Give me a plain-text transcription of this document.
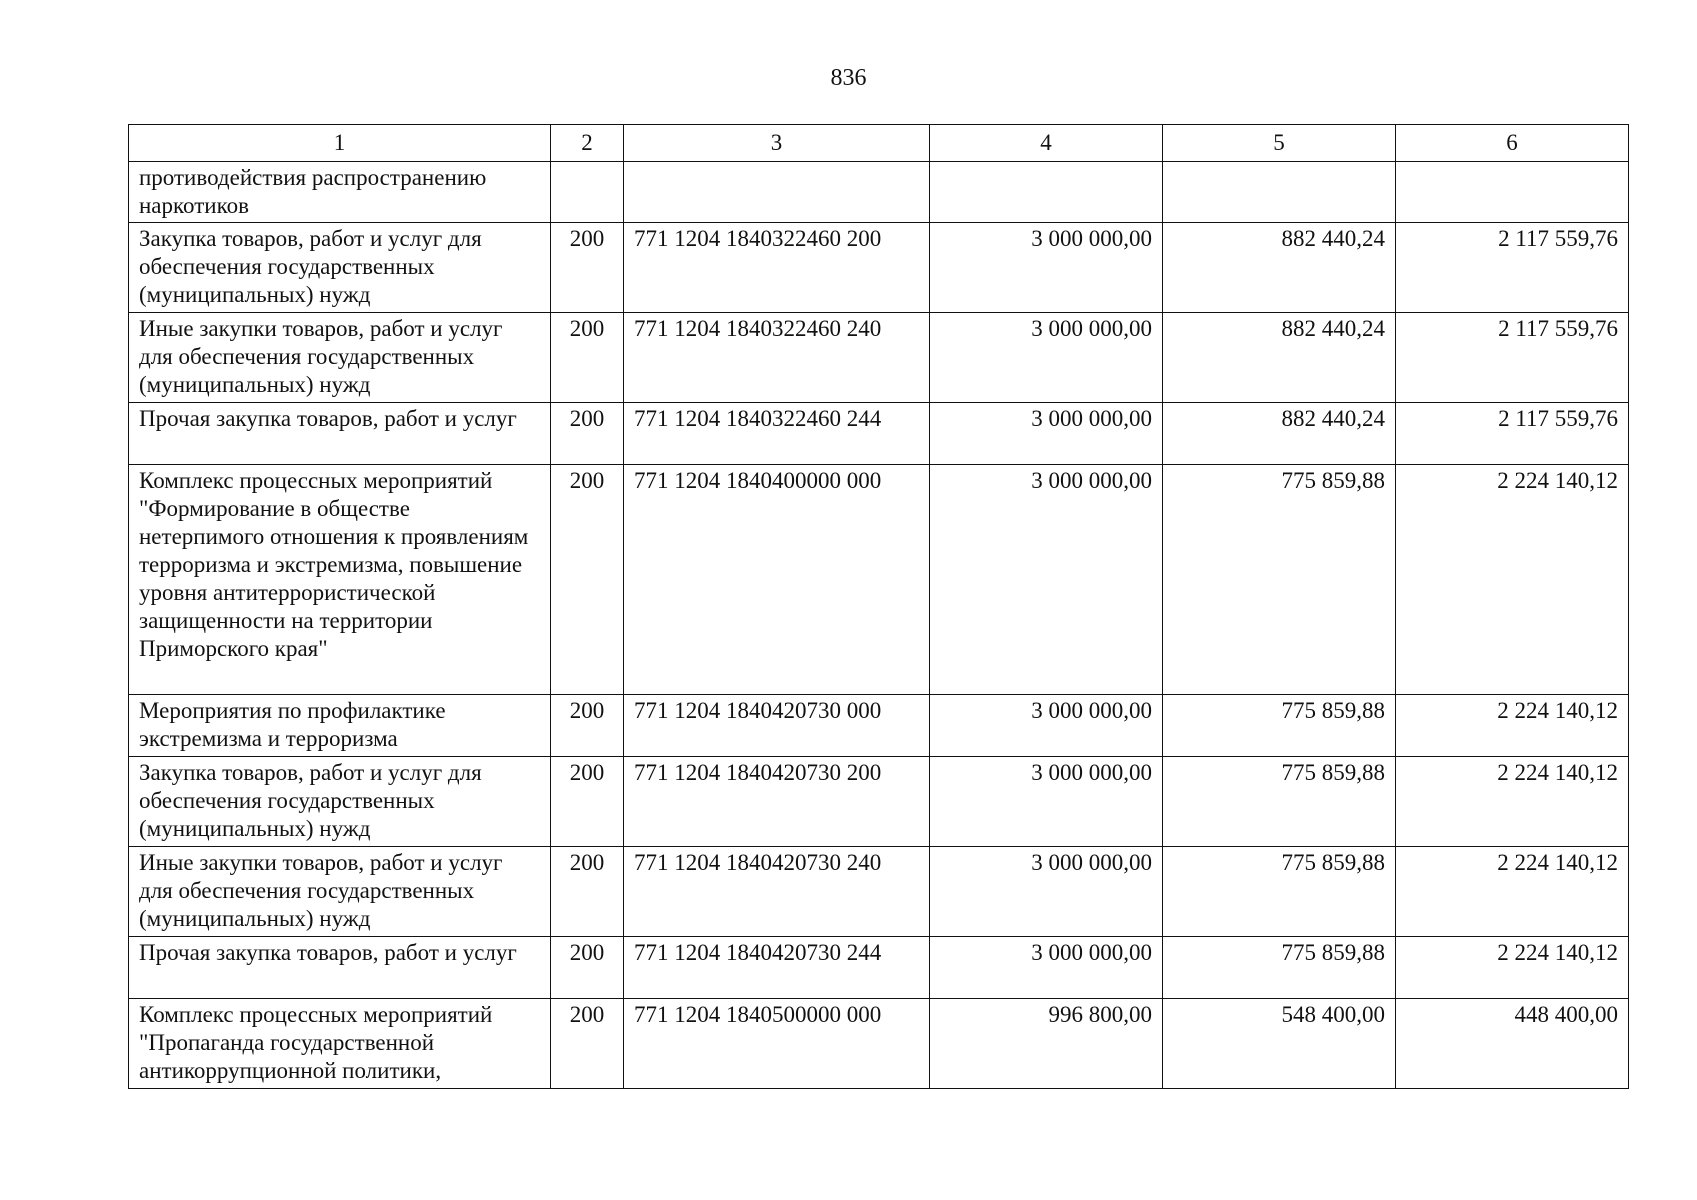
836
1	2	3	4	5	6
противодействия распространению наркотиков					
Закупка товаров, работ и услуг для обеспечения государственных (муниципальных) нужд	200	771 1204 1840322460 200	3 000 000,00	882 440,24	2 117 559,76
Иные закупки товаров, работ и услуг для обеспечения государственных (муниципальных) нужд	200	771 1204 1840322460 240	3 000 000,00	882 440,24	2 117 559,76
Прочая закупка товаров, работ и услуг	200	771 1204 1840322460 244	3 000 000,00	882 440,24	2 117 559,76
Комплекс процессных мероприятий "Формирование в обществе нетерпимого отношения к проявлениям терроризма и экстремизма, повышение уровня антитеррористической защищенности на территории Приморского края"	200	771 1204 1840400000 000	3 000 000,00	775 859,88	2 224 140,12
Мероприятия по профилактике экстремизма и терроризма	200	771 1204 1840420730 000	3 000 000,00	775 859,88	2 224 140,12
Закупка товаров, работ и услуг для обеспечения государственных (муниципальных) нужд	200	771 1204 1840420730 200	3 000 000,00	775 859,88	2 224 140,12
Иные закупки товаров, работ и услуг для обеспечения государственных (муниципальных) нужд	200	771 1204 1840420730 240	3 000 000,00	775 859,88	2 224 140,12
Прочая закупка товаров, работ и услуг	200	771 1204 1840420730 244	3 000 000,00	775 859,88	2 224 140,12
Комплекс процессных мероприятий "Пропаганда государственной антикоррупционной политики,	200	771 1204 1840500000 000	996 800,00	548 400,00	448 400,00
